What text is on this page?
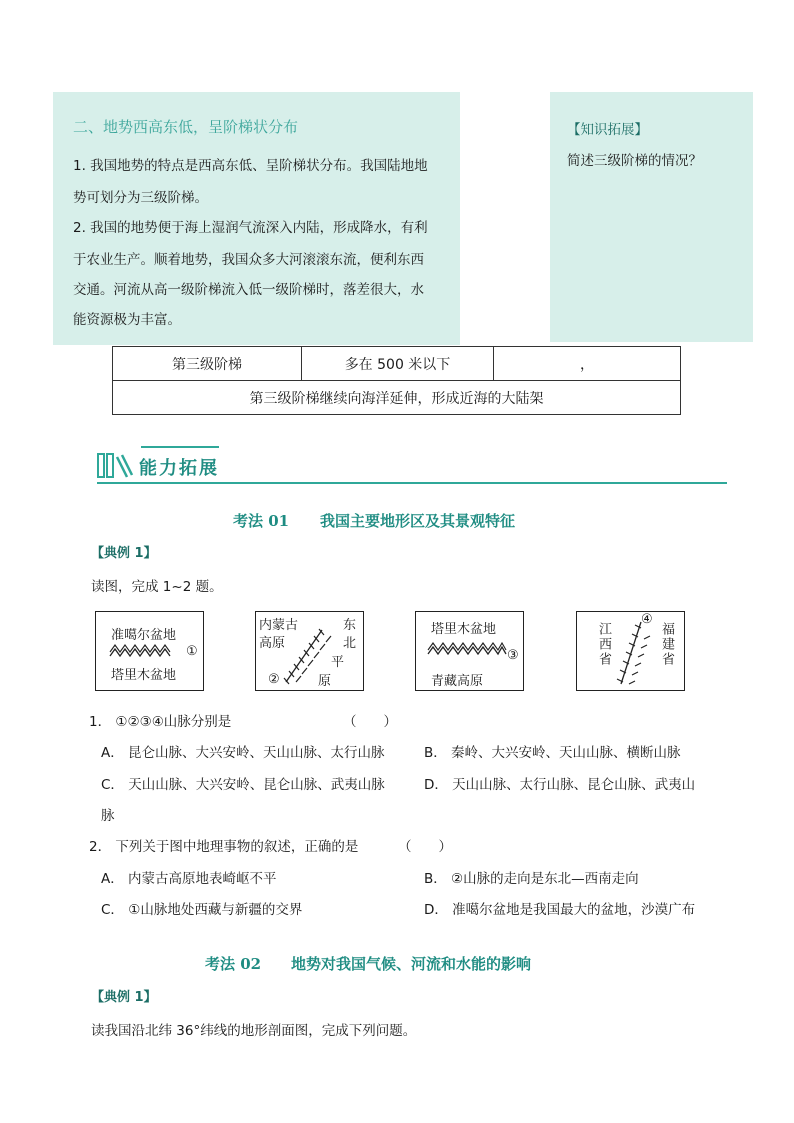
二、地势西高东低，呈阶梯状分布

1. 我国地势的特点是西高东低、呈阶梯状分布。我国陆地地

势可划分为三级阶梯。

2. 我国的地势便于海上湿润气流深入内陆，形成降水，有利

于农业生产。顺着地势，我国众多大河滚滚东流，便利东西

交通。河流从高一级阶梯流入低一级阶梯时，落差很大，水

能资源极为丰富。

【知识拓展】
简述三级阶梯的情况？
第三级阶梯	多在 500 米以下	，
第三级阶梯继续向海洋延伸，形成近海的大陆架
能力拓展
考法 01 我国主要地形区及其景观特征
【典例 1】
读图，完成 1~2 题。
准噶尔盆地
塔里木盆地
①
内蒙古
高原
东
北
平
原
②
塔里木盆地
青藏高原
③	江西省	福建省
④
1． ①②③④山脉分别是	（　　）
A． 昆仑山脉、大兴安岭、天山山脉、太行山脉	B． 秦岭、大兴安岭、天山山脉、横断山脉
C． 天山山脉、大兴安岭、昆仑山脉、武夷山脉	D． 天山山脉、太行山脉、昆仑山脉、武夷山
脉
2． 下列关于图中地理事物的叙述，正确的是	（　　）
A． 内蒙古高原地表崎岖不平	B． ②山脉的走向是东北—西南走向
C． ①山脉地处西藏与新疆的交界	D． 准噶尔盆地是我国最大的盆地，沙漠广布
考法 02 地势对我国气候、河流和水能的影响
【典例 1】
读我国沿北纬 36°纬线的地形剖面图，完成下列问题。
